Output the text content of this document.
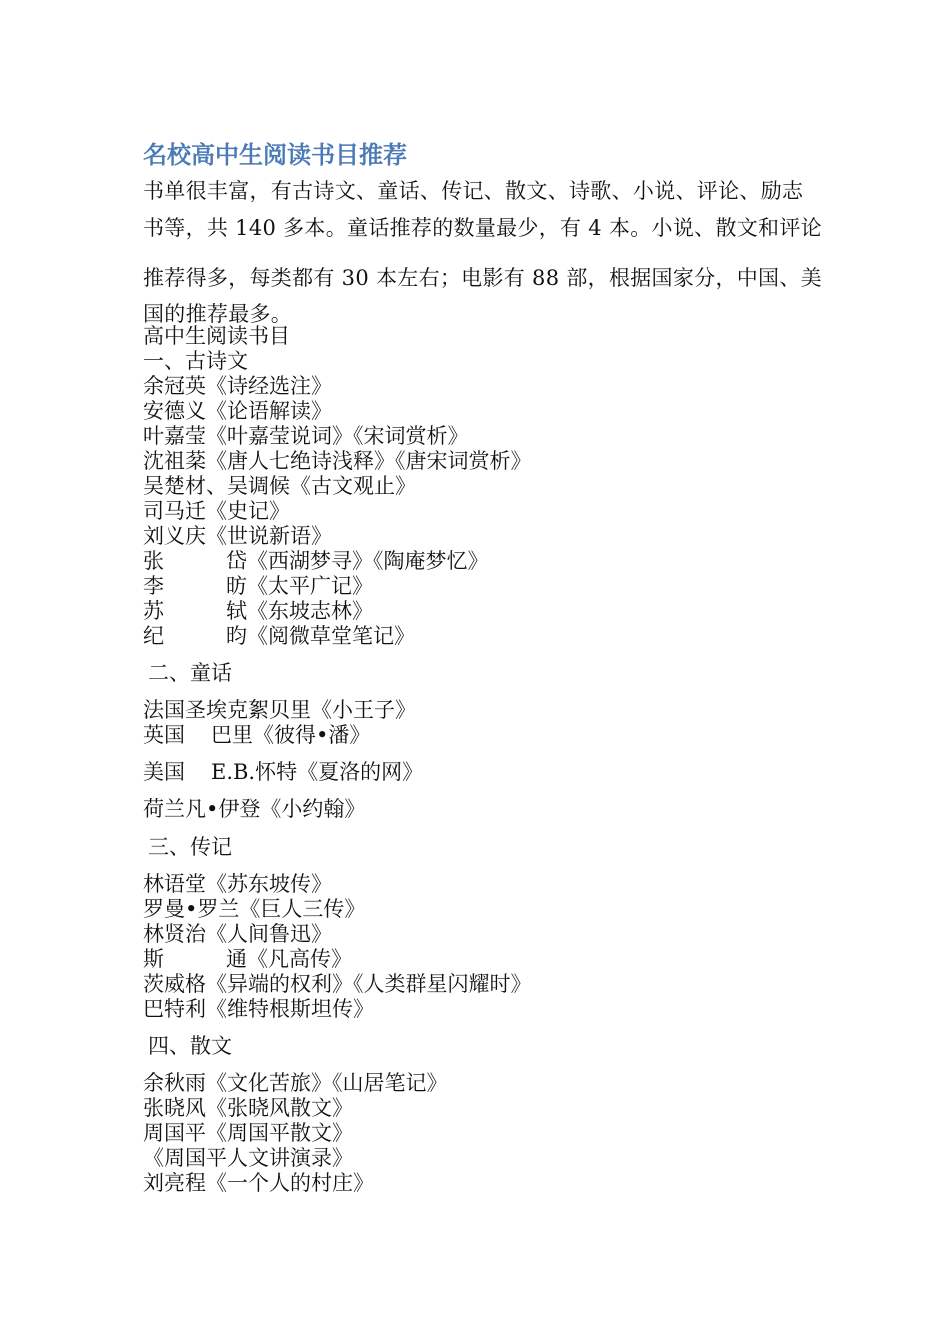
名校高中生阅读书目推荐
书单很丰富，有古诗文、童话、传记、散文、诗歌、小说、评论、励志
书等，共 140 多本。童话推荐的数量最少，有 4 本。小说、散文和评论
推荐得多，每类都有 30 本左右；电影有 88 部，根据国家分，中国、美
国的推荐最多。
高中生阅读书目
一、古诗文
余冠英《诗经选注》
安德义《论语解读》
叶嘉莹《叶嘉莹说词》《宋词赏析》
沈祖棻《唐人七绝诗浅释》《唐宋词赏析》
吴楚材、吴调候《古文观止》
司马迁《史记》
刘义庆《世说新语》
张	岱《西湖梦寻》《陶庵梦忆》
李	昉《太平广记》
苏	轼《东坡志林》
纪	昀《阅微草堂笔记》
二、童话
法国圣埃克絮贝里《小王子》
英国 巴里《彼得•潘》
美国 E.B.怀特《夏洛的网》
荷兰凡•伊登《小约翰》
三、传记
林语堂《苏东坡传》
罗曼•罗兰《巨人三传》
林贤治《人间鲁迅》
斯	通《凡高传》
茨威格《异端的权利》《人类群星闪耀时》
巴特利《维特根斯坦传》
四、散文
余秋雨《文化苦旅》《山居笔记》
张晓风《张晓风散文》
周国平《周国平散文》
《周国平人文讲演录》
刘亮程《一个人的村庄》
